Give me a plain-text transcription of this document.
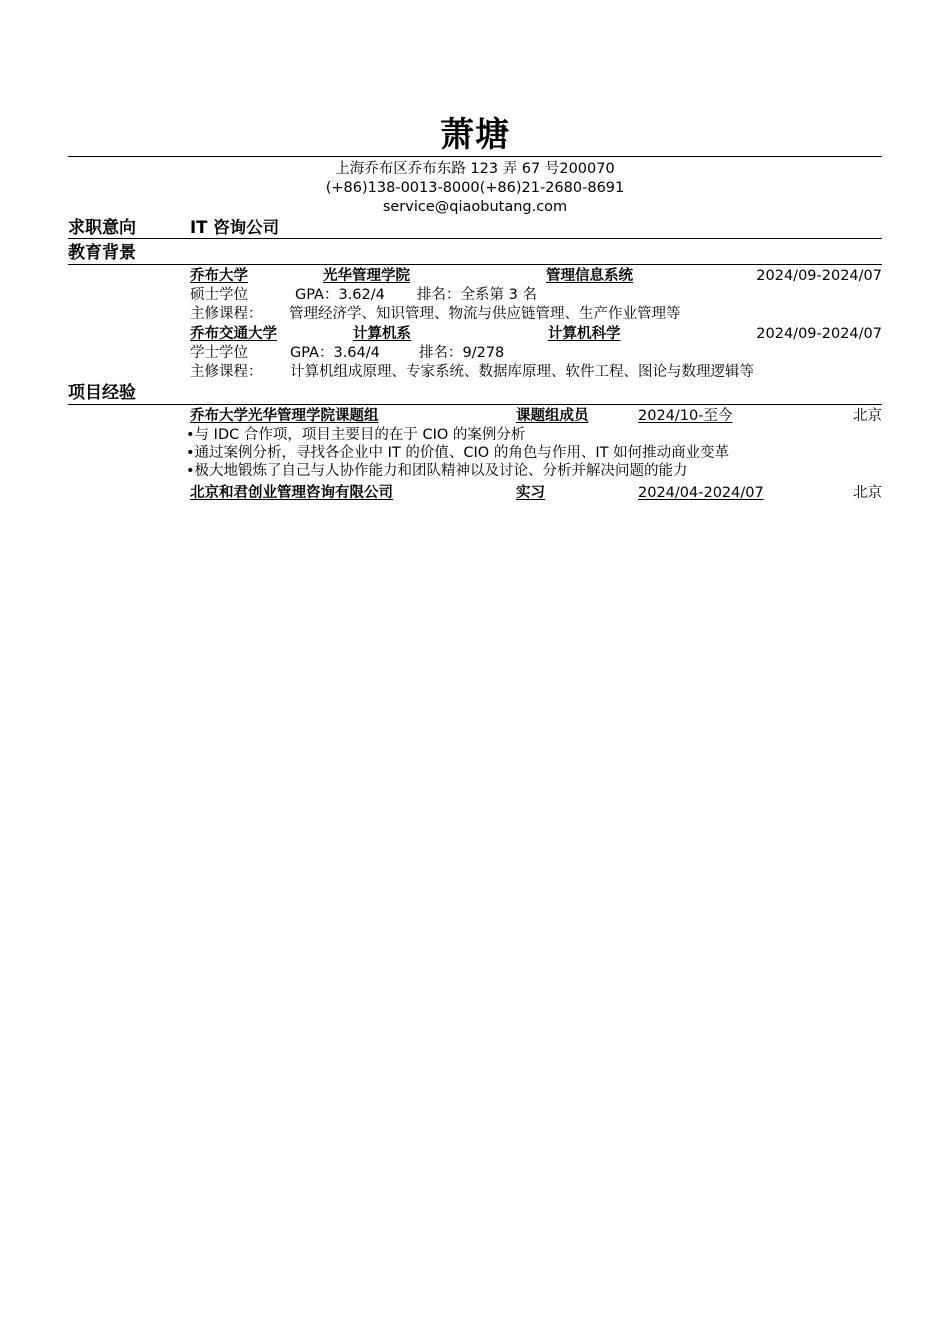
萧塘
上海乔布区乔布东路 123 弄 67 号200070
(+86)138-0013-8000(+86)21-2680-8691
service@qiaobutang.com
求职意向	IT 咨询公司
教育背景
乔布大学	光华管理学院	管理信息系统	2024/09-2024/07
硕士学位	GPA：3.62/4 排名：全系第 3 名
主修课程： 管理经济学、知识管理、物流与供应链管理、生产作业管理等
乔布交通大学	计算机系	计算机科学	2024/09-2024/07
学士学位	GPA：3.64/4	排名：9/278
主修课程： 计算机组成原理、专家系统、数据库原理、软件工程、图论与数理逻辑等
项目经验
乔布大学光华管理学院课题组	课题组成员	2024/10-至今	北京
•与 IDC 合作项，项目主要目的在于 CIO 的案例分析
•通过案例分析，寻找各企业中 IT 的价值、CIO 的角色与作用、IT 如何推动商业变革
•极大地锻炼了自己与人协作能力和团队精神以及讨论、分析并解决问题的能力
北京和君创业管理咨询有限公司	实习	2024/04-2024/07	北京
